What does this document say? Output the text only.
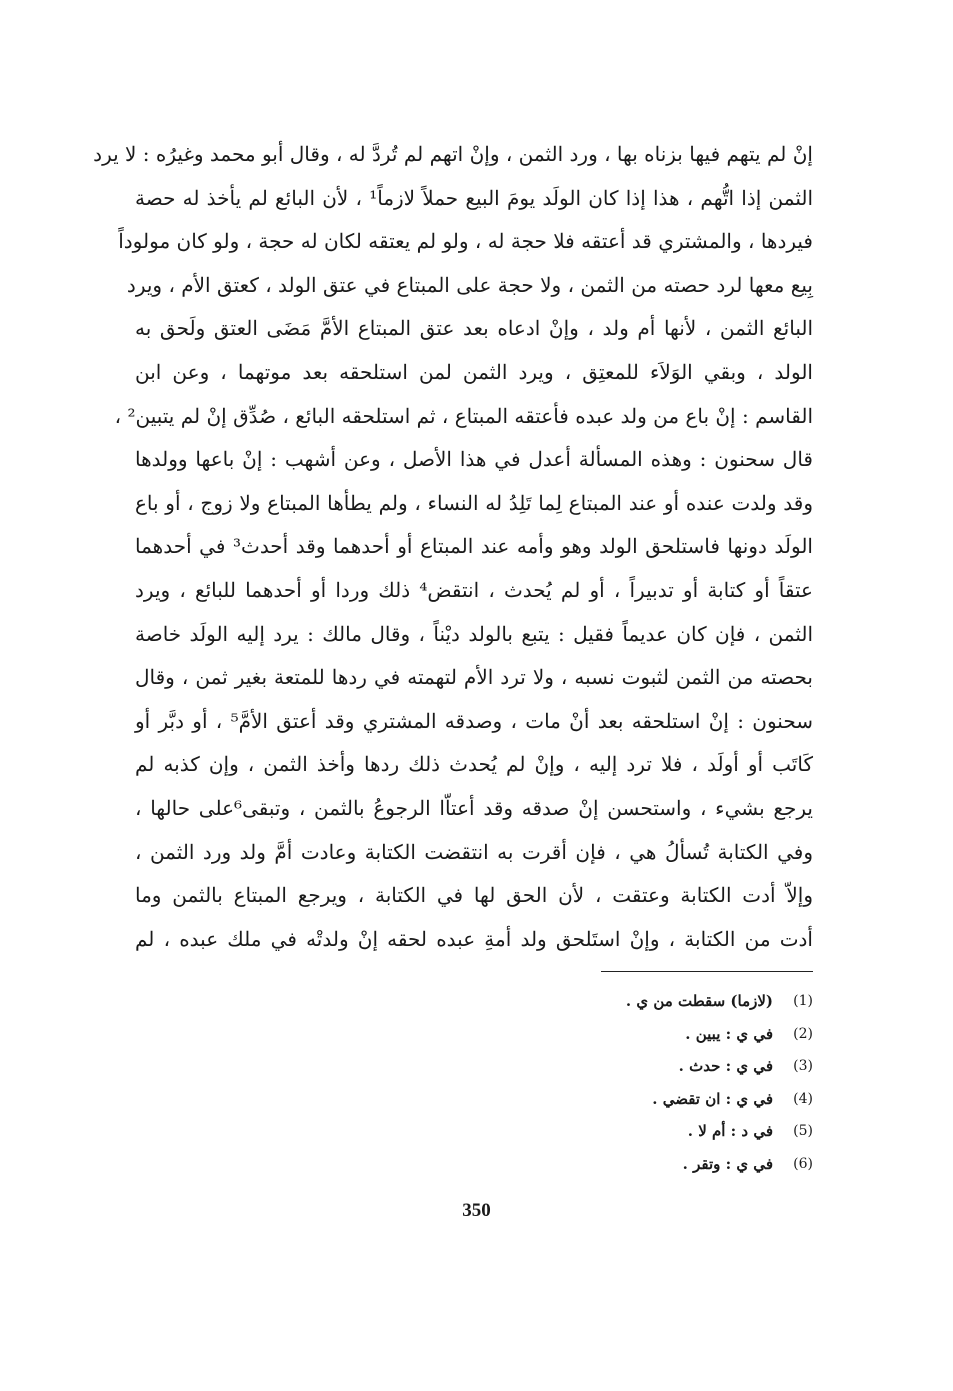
إنْ لم يتهم فيها بزناه بها ، ورد الثمن ، وإنْ اتهم لم تُردَّ له ، وقال أبو محمد وغيرُه : لا يرد
الثمن إذا اتُّهم ، هذا إذا كان الولَد يومَ البيع حملاً لازماً¹ ، لأن البائع لم يأخذ له حصة
فيردها ، والمشتري قد أعتقه فلا حجة له ، ولو لم يعتقه لكان له حجة ، ولو كان مولوداً
بِيع معها لرد حصته من الثمن ، ولا حجة على المبتاع في عتق الولد ، كعتق الأم ، ويرد
البائع الثمن ، لأنها أم ولد ، وإنْ ادعاه بعد عتق المبتاع الأمَّ مَضَى العتق ولَحق به
الولد ، وبقي الوَلاَء للمعتِق ، ويرد الثمن لمن استلحقه بعد موتهما ، وعن ابن
القاسم : إنْ باع من ولد عبده فأعتقه المبتاع ، ثم استلحقه البائع ، صُدِّق إنْ لم يتبين² ،
قال سحنون : وهذه المسألة أعدل في هذا الأصل ، وعن أشهب : إنْ باعها وولدها
وقد ولدت عنده أو عند المبتاع لِما تَلِدُ له النساء ، ولم يطأها المبتاع ولا زوج ، أو باع
الولَد دونها فاستلحق الولد وهو وأمه عند المبتاع أو أحدهما وقد أحدث³ في أحدهما
عتقاً أو كتابة أو تدبيراً ، أو لم يُحدث ، انتقض⁴ ذلك وردا أو أحدهما للبائع ، ويرد
الثمن ، فإن كان عديماً فقيل : يتبع بالولد ديْناً ، وقال مالك : يرد إليه الولَد خاصة
بحصته من الثمن لثبوت نسبه ، ولا ترد الأم لتهمته في ردها للمتعة بغير ثمن ، وقال
سحنون : إنْ استلحقه بعد أنْ مات ، وصدقه المشتري وقد أعتق الأمَّ⁵ ، أو دبَّر أو
كَاتَب أو أولَد ، فلا ترد إليه ، وإنْ لم يُحدث ذلك ردها وأخذ الثمن ، وإن كذبه لم
يرجع بشيء ، واستحسن إنْ صدقه وقد أعتاّا الرجوعُ بالثمن ، وتبقى⁶على حالها ،
وفي الكتابة تُسألُ هي ، فإن أقرت به انتقضت الكتابة وعادت أمَّ ولد ورد الثمن ،
وإلاّ أدت الكتابة وعتقت ، لأن الحق لها في الكتابة ، ويرجع المبتاع بالثمن وما
أدت من الكتابة ، وإنْ استَلحق ولد أمةِ عبده لحقه إنْ ولدتْه في ملك عبده ، لم
(1)
(لازما) سقطت من ي .
(2)
في ي : يبين .
(3)
في ي : حدث .
(4)
في ي : ان تقضي .
(5)
في د : أم لا .
(6)
في ي : وتقر .
350
